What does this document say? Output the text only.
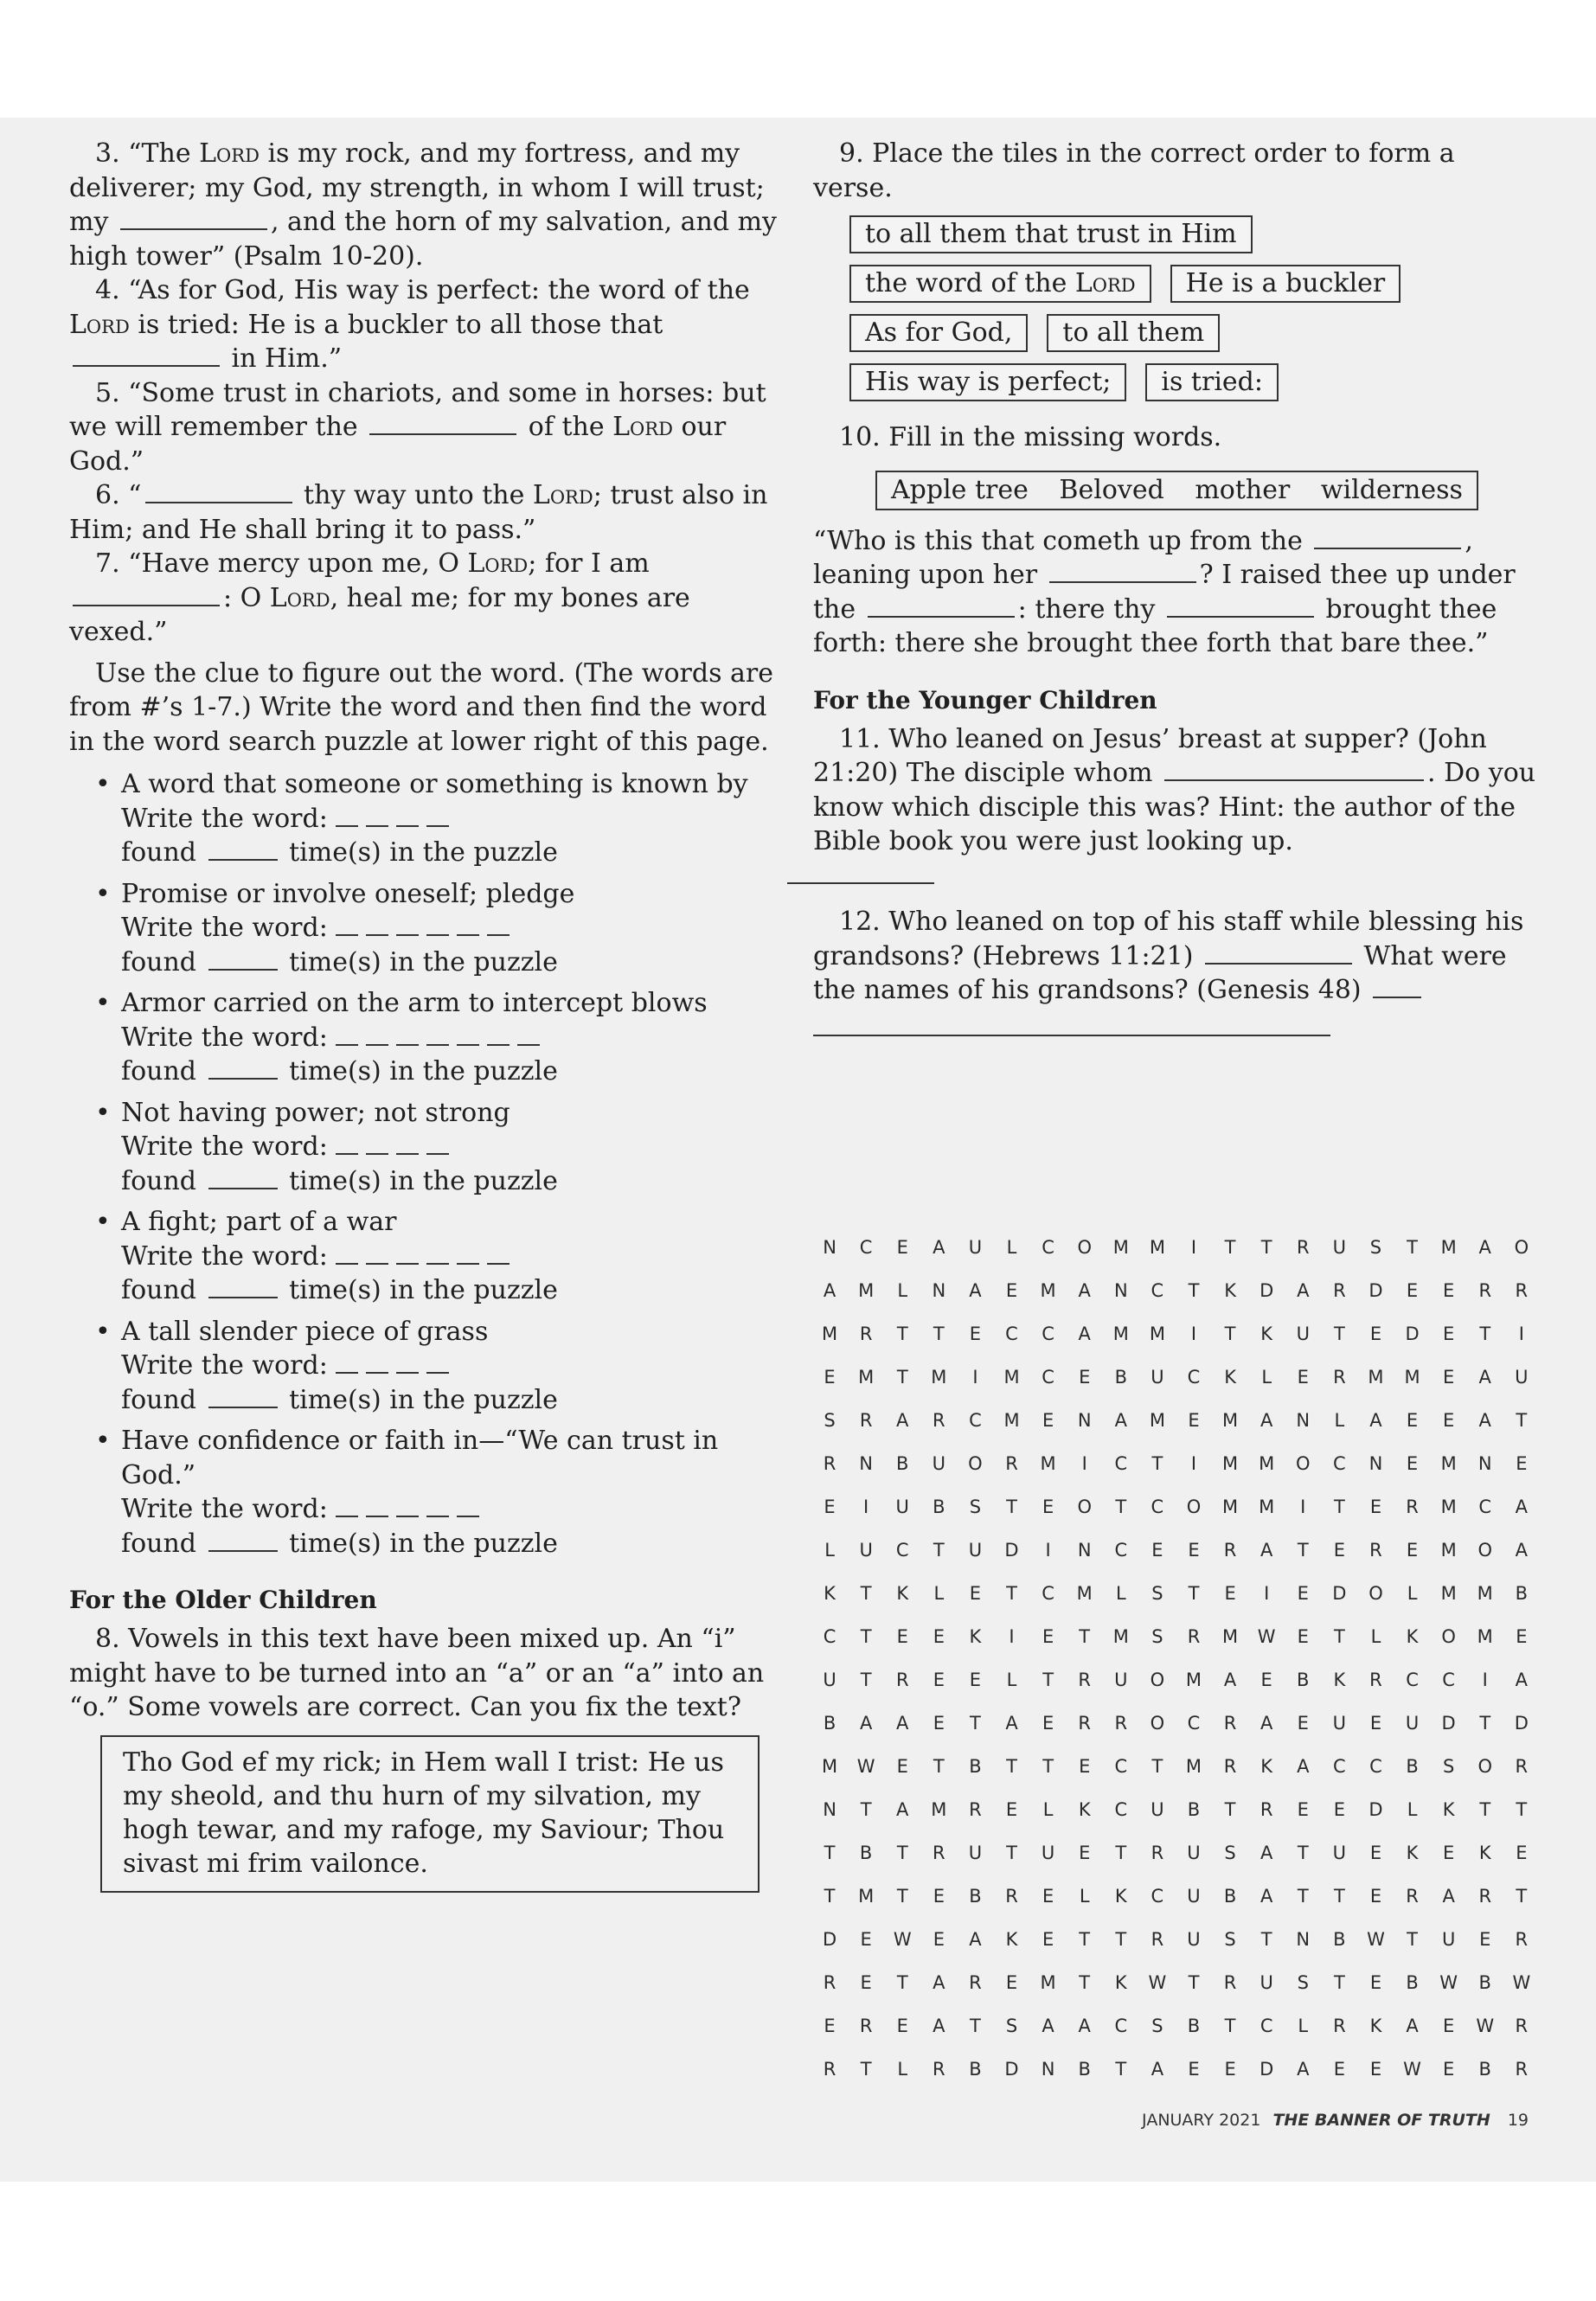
3. “The Lord is my rock, and my fortress, and my deliverer; my God, my strength, in whom I will trust; my	, and the horn of my salvation, and my high tower” (Psalm 10-20).

4. “As for God, His way is perfect: the word of the Lord is tried: He is a buckler to all those that  in Him.”

5. “Some trust in chariots, and some in horses: but we will remember the	of the Lord our God.”

6. “	thy way unto the Lord; trust also in Him; and He shall bring it to pass.”

7. “Have mercy upon me, O Lord; for I am : O Lord, heal me; for my bones are vexed.”

Use the clue to figure out the word. (The words are from #’s 1-7.) Write the word and then find the word in the word search puzzle at lower right of this page.

• A word that someone or something is known by
Write the word:
found	time(s) in the puzzle
• Promise or involve oneself; pledge
Write the word:
found	time(s) in the puzzle
• Armor carried on the arm to intercept blows
Write the word:
found	time(s) in the puzzle
• Not having power; not strong
Write the word:
found	time(s) in the puzzle
• A fight; part of a war
Write the word:
found	time(s) in the puzzle
• A tall slender piece of grass
Write the word:
found	time(s) in the puzzle
• Have confidence or faith in—“We can trust in God.”
Write the word:
found	time(s) in the puzzle
For the Older Children

8. Vowels in this text have been mixed up. An “i” might have to be turned into an “a” or an “a” into an “o.” Some vowels are correct. Can you fix the text?

Tho God ef my rick; in Hem wall I trist: He us my sheold, and thu hurn of my silvation, my hogh tewar, and my rafoge, my Saviour; Thou sivast mi frim vailonce.

9. Place the tiles in the correct order to form a verse.

to all them that trust in Him
the word of the Lord He is a buckler
As for God, to all them
His way is perfect; is tried:

10. Fill in the missing words.

Apple tree Beloved mother wilderness

“Who is this that cometh up from the	, leaning upon her	? I raised thee up under the	: there thy	brought thee forth: there she brought thee forth that bare thee.”

For the Younger Children

11. Who leaned on Jesus’ breast at supper? (John 21:20) The disciple whom	. Do you know which disciple this was? Hint: the author of the Bible book you were just looking up.

12. Who leaned on top of his staff while blessing his grandsons? (Hebrews 11:21)	What were the names of his grandsons? (Genesis 48)

N	C	E	A	U	L	C	O	M	M	I	T	T	R	U	S	T	M	A	O
A	M	L	N	A	E	M	A	N	C	T	K	D	A	R	D	E	E	R	R
M	R	T	T	E	C	C	A	M	M	I	T	K	U	T	E	D	E	T	I
E	M	T	M	I	M	C	E	B	U	C	K	L	E	R	M	M	E	A	U
S	R	A	R	C	M	E	N	A	M	E	M	A	N	L	A	E	E	A	T
R	N	B	U	O	R	M	I	C	T	I	M	M	O	C	N	E	M	N	E
E	I	U	B	S	T	E	O	T	C	O	M	M	I	T	E	R	M	C	A
L	U	C	T	U	D	I	N	C	E	E	R	A	T	E	R	E	M	O	A
K	T	K	L	E	T	C	M	L	S	T	E	I	E	D	O	L	M	M	B
C	T	E	E	K	I	E	T	M	S	R	M	W	E	T	L	K	O	M	E
U	T	R	E	E	L	T	R	U	O	M	A	E	B	K	R	C	C	I	A
B	A	A	E	T	A	E	R	R	O	C	R	A	E	U	E	U	D	T	D
M	W	E	T	B	T	T	E	C	T	M	R	K	A	C	C	B	S	O	R
N	T	A	M	R	E	L	K	C	U	B	T	R	E	E	D	L	K	T	T
T	B	T	R	U	T	U	E	T	R	U	S	A	T	U	E	K	E	K	E
T	M	T	E	B	R	E	L	K	C	U	B	A	T	T	E	R	A	R	T
D	E	W	E	A	K	E	T	T	R	U	S	T	N	B	W	T	U	E	R
R	E	T	A	R	E	M	T	K	W	T	R	U	S	T	E	B	W	B	W
E	R	E	A	T	S	A	A	C	S	B	T	C	L	R	K	A	E	W	R
R	T	L	R	B	D	N	B	T	A	E	E	D	A	E	E	W	E	B	R
JANUARY 2021 THE BANNER OF TRUTH 19
